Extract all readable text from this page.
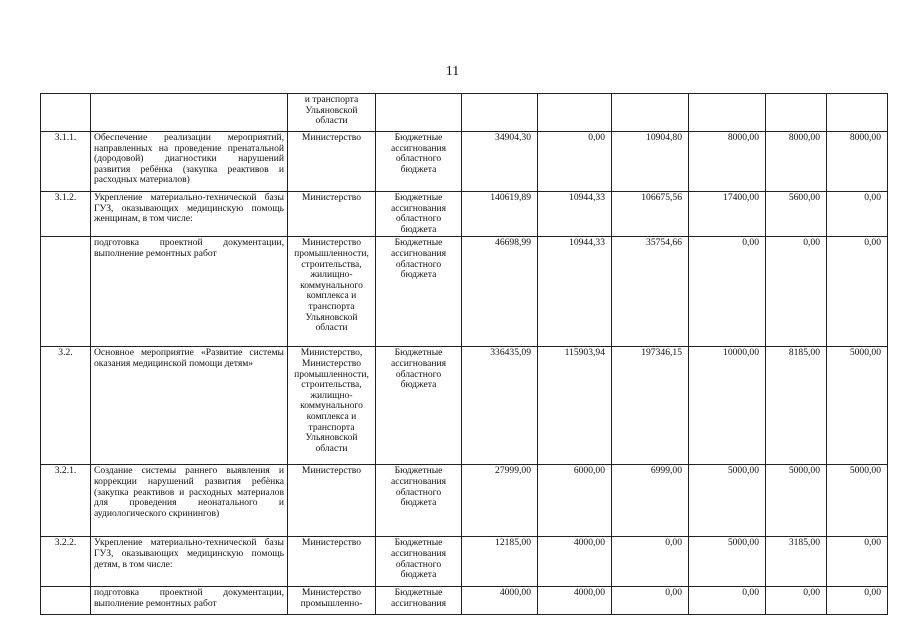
11
		и транспорта Ульяновской области							
3.1.1.	Обеспечение реализации мероприятий, направленных на проведение пренатальной (дородовой) диагностики нарушений развития ребёнка (закупка реактивов и расходных материалов)	Министерство	Бюджетные ассигнования областного бюджета	34904,30	0,00	10904,80	8000,00	8000,00	8000,00
3.1.2.	Укрепление материально-технической базы ГУЗ, оказывающих медицинскую помощь женщинам, в том числе:	Министерство	Бюджетные ассигнования областного бюджета	140619,89	10944,33	106675,56	17400,00	5600,00	0,00
	подготовка проектной документации, выполнение ремонтных работ	Министерство промышленности, строительства, жилищно-коммунального комплекса и транспорта Ульяновской области	Бюджетные ассигнования областного бюджета	46698,99	10944,33	35754,66	0,00	0,00	0,00
3.2.	Основное мероприятие «Развитие системы оказания медицинской помощи детям»	Министерство, Министерство промышленности, строительства, жилищно-коммунального комплекса и транспорта Ульяновской области	Бюджетные ассигнования областного бюджета	336435,09	115903,94	197346,15	10000,00	8185,00	5000,00
3.2.1.	Создание системы раннего выявления и коррекции нарушений развития ребёнка (закупка реактивов и расходных материалов для проведения неонатального и аудиологического скринингов)	Министерство	Бюджетные ассигнования областного бюджета	27999,00	6000,00	6999,00	5000,00	5000,00	5000,00
3.2.2.	Укрепление материально-технической базы ГУЗ, оказывающих медицинскую помощь детям, в том числе:	Министерство	Бюджетные ассигнования областного бюджета	12185,00	4000,00	0,00	5000,00	3185,00	0,00
	подготовка проектной документации, выполнение ремонтных работ	Министерство промышленно-	Бюджетные ассигнования	4000,00	4000,00	0,00	0,00	0,00	0,00
